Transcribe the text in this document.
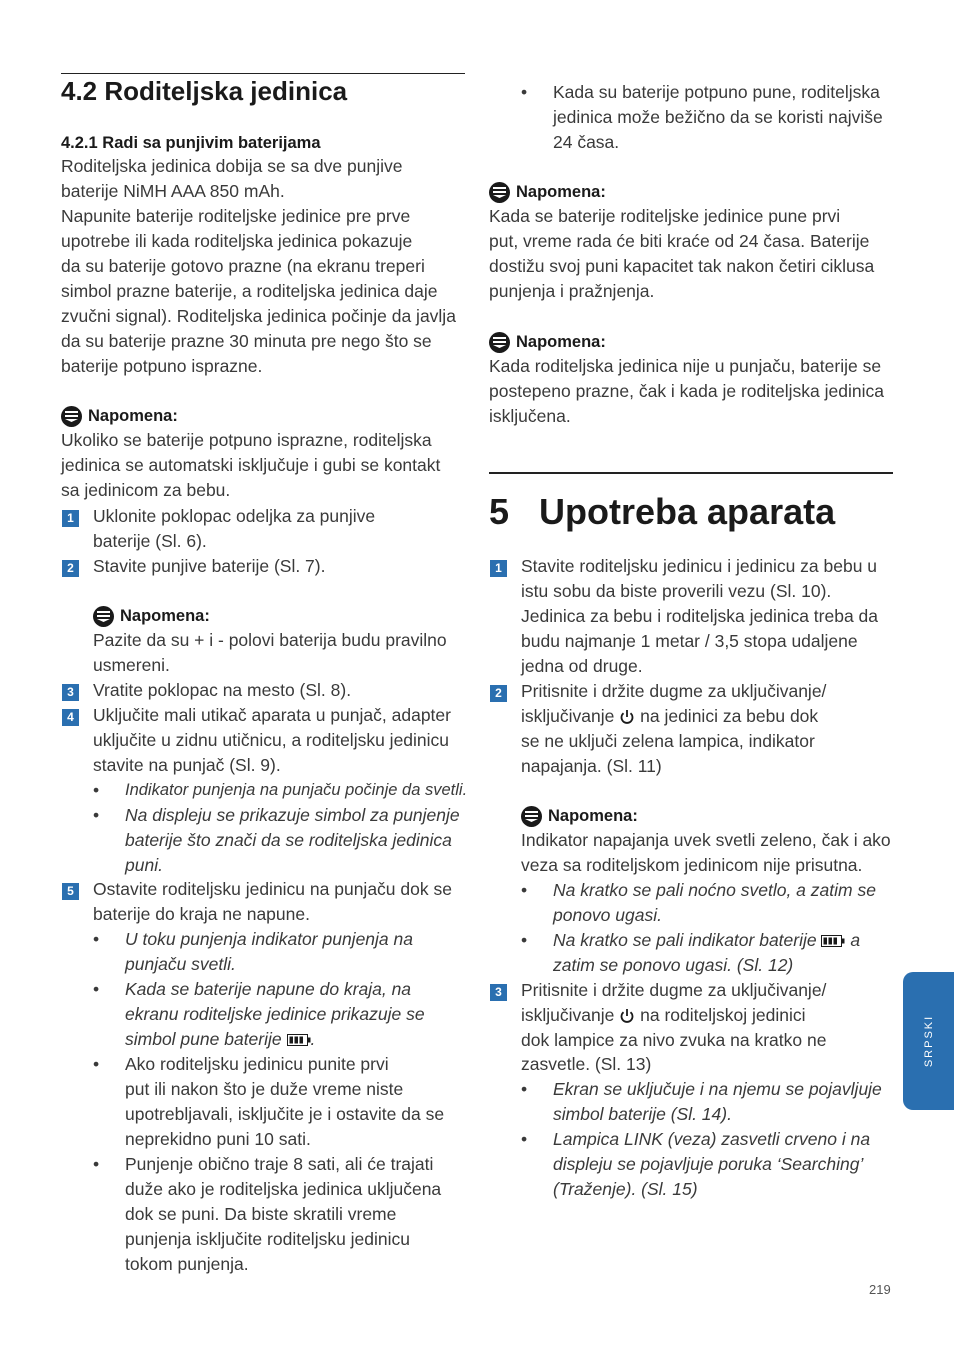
4.2 Roditeljska jedinica
4.2.1 Radi sa punjivim baterijama

Roditeljska jedinica dobija se sa dve punjive

baterije NiMH AAA 850 mAh.

Napunite baterije roditeljske jedinice pre prve

upotrebe ili kada roditeljska jedinica pokazuje

da su baterije gotovo prazne (na ekranu treperi

simbol prazne baterije, a roditeljska jedinica daje

zvučni signal). Roditeljska jedinica počinje da javlja

da su baterije prazne 30 minuta pre nego što se

baterije potpuno isprazne.

Napomena:

Ukoliko se baterije potpuno isprazne, roditeljska

jedinica se automatski isključuje i gubi se kontakt

sa jedinicom za bebu.

1 Uklonite poklopac odeljka za punjive

baterije (Sl. 6).

2 Stavite punjive baterije (Sl. 7).

Napomena:

Pazite da su + i - polovi baterija budu pravilno

usmereni.

3 Vratite poklopac na mesto (Sl. 8).

4 Uključite mali utikač aparata u punjač, adapter

uključite u zidnu utičnicu, a roditeljsku jedinicu

stavite na punjač (Sl. 9).

• Indikator punjenja na punjaču počinje da svetli.

• Na displeju se prikazuje simbol za punjenje

baterije što znači da se roditeljska jedinica

puni.

5 Ostavite roditeljsku jedinicu na punjaču dok se

baterije do kraja ne napune.

• U toku punjenja indikator punjenja na

punjaču svetli.

• Kada se baterije napune do kraja, na

ekranu roditeljske jedinice prikazuje se

simbol pune baterije .

• Ako roditeljsku jedinicu punite prvi

put ili nakon što je duže vreme niste

upotrebljavali, isključite je i ostavite da se

neprekidno puni 10 sati.

• Punjenje obično traje 8 sati, ali će trajati

duže ako je roditeljska jedinica uključena

dok se puni. Da biste skratili vreme

punjenja isključite roditeljsku jedinicu

tokom punjenja.

• Kada su baterije potpuno pune, roditeljska

jedinica može bežično da se koristi najviše

24 časa.

Napomena:

Kada se baterije roditeljske jedinice pune prvi

put, vreme rada će biti kraće od 24 časa. Baterije

dostižu svoj puni kapacitet tak nakon četiri ciklusa

punjenja i pražnjenja.

Napomena:

Kada roditeljska jedinica nije u punjaču, baterije se

postepeno prazne, čak i kada je roditeljska jedinica

isključena.

5   Upotreba aparata
1 Stavite roditeljsku jedinicu i jedinicu za bebu u

istu sobu da biste proverili vezu (Sl. 10).

Jedinica za bebu i roditeljska jedinica treba da

budu najmanje 1 metar / 3,5 stopa udaljene

jedna od druge.

2 Pritisnite i držite dugme za uključivanje/

isključivanje na jedinici za bebu dok

se ne uključi zelena lampica, indikator

napajanja. (Sl. 11)

Napomena:

Indikator napajanja uvek svetli zeleno, čak i ako

veza sa roditeljskom jedinicom nije prisutna.

• Na kratko se pali noćno svetlo, a zatim se

ponovo ugasi.

• Na kratko se pali indikator baterije a

zatim se ponovo ugasi. (Sl. 12)

3 Pritisnite i držite dugme za uključivanje/

isključivanje na roditeljskoj jedinici

dok lampice za nivo zvuka na kratko ne

zasvetle. (Sl. 13)

• Ekran se uključuje i na njemu se pojavljuje

simbol baterije (Sl. 14).

• Lampica LINK (veza) zasvetli crveno i na

displeju se pojavljuje poruka ‘Searching’

(Traženje). (Sl. 15)

SRPSKI
219
